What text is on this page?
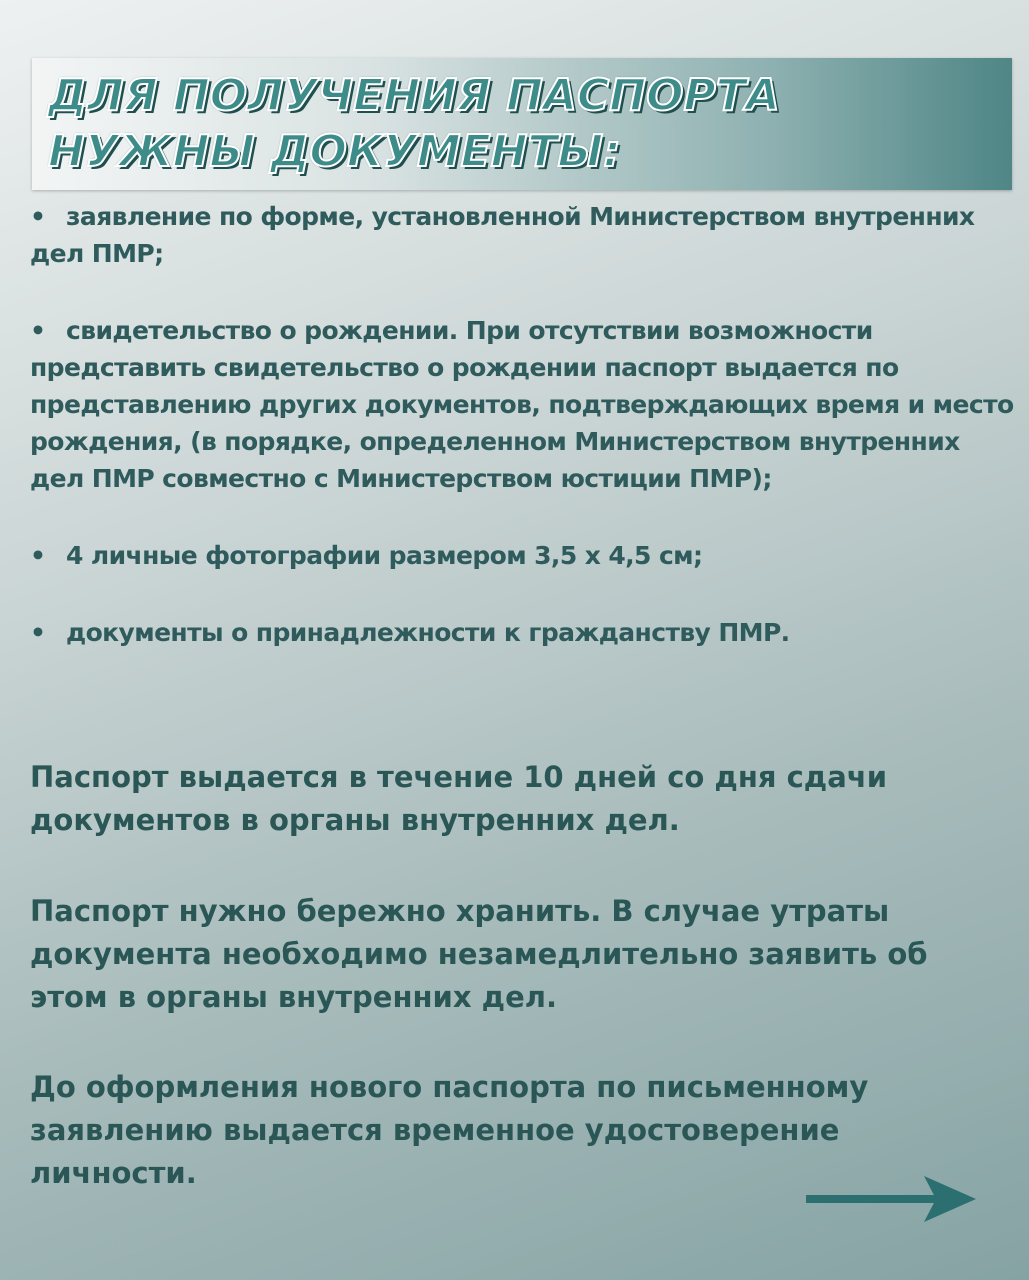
ДЛЯ ПОЛУЧЕНИЯ ПАСПОРТА НУЖНЫ ДОКУМЕНТЫ:
• заявление по форме, установленной Министерством внутренних дел ПМР;
• свидетельство о рождении. При отсутствии возможности представить свидетельство о рождении паспорт выдается по представлению других документов, подтверждающих время и место рождения, (в порядке, определенном Министерством внутренних дел ПМР совместно с Министерством юстиции ПМР);
• 4 личные фотографии размером 3,5 х 4,5 см;
• документы о принадлежности к гражданству ПМР.

Паспорт выдается в течение 10 дней со дня сдачи документов в органы внутренних дел.

Паспорт нужно бережно хранить. В случае утраты документа необходимо незамедлительно заявить об этом в органы внутренних дел.

До оформления нового паспорта по письменному заявлению выдается временное удостоверение личности.

vspmr.org
